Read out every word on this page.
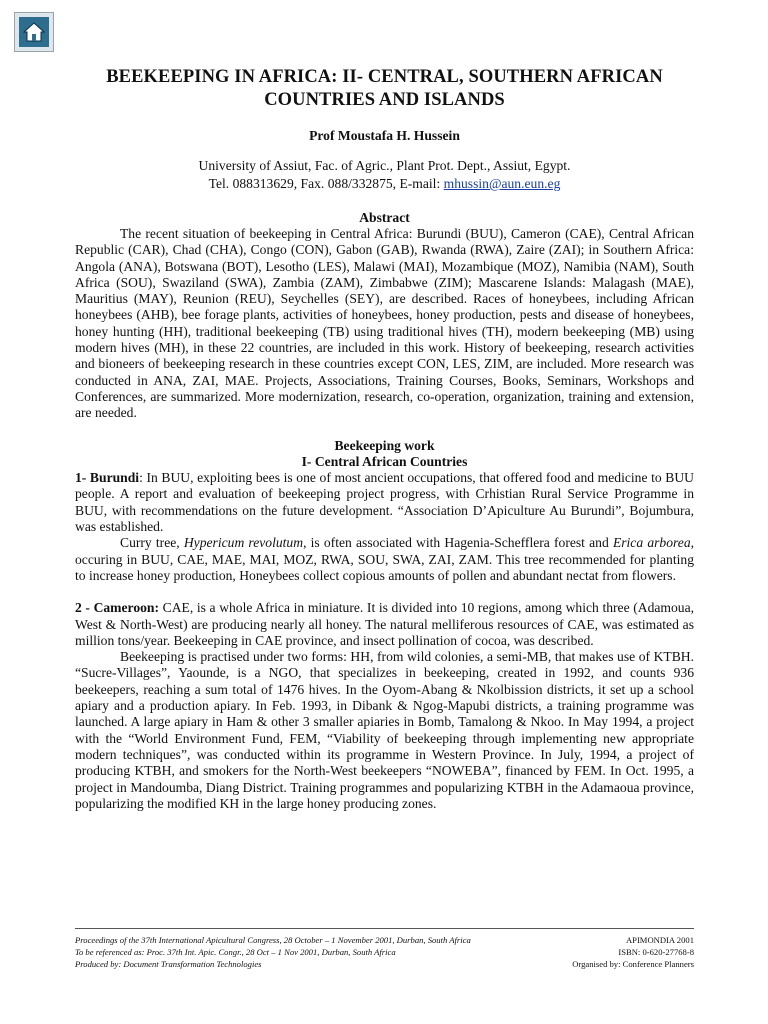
BEEKEEPING IN AFRICA: II- CENTRAL, SOUTHERN AFRICAN COUNTRIES AND ISLANDS
Prof Moustafa H. Hussein
University of Assiut, Fac. of Agric., Plant Prot. Dept., Assiut, Egypt.
Tel. 088313629, Fax. 088/332875, E-mail: mhussin@aun.eun.eg
Abstract

The recent situation of beekeeping in Central Africa: Burundi (BUU), Cameron (CAE), Central African Republic (CAR), Chad (CHA), Congo (CON), Gabon (GAB), Rwanda (RWA), Zaire (ZAI); in Southern Africa: Angola (ANA), Botswana (BOT), Lesotho (LES), Malawi (MAI), Mozambique (MOZ), Namibia (NAM), South Africa (SOU), Swaziland (SWA), Zambia (ZAM), Zimbabwe (ZIM); Mascarene Islands: Malagash (MAE), Mauritius (MAY), Reunion (REU), Seychelles (SEY), are described. Races of honeybees, including African honeybees (AHB), bee forage plants, activities of honeybees, honey production, pests and disease of honeybees, honey hunting (HH), traditional beekeeping (TB) using traditional hives (TH), modern beekeeping (MB) using modern hives (MH), in these 22 countries, are included in this work. History of beekeeping, research activities and bioneers of beekeeping research in these countries except CON, LES, ZIM, are included. More research was conducted in ANA, ZAI, MAE. Projects, Associations, Training Courses, Books, Seminars, Workshops and Conferences, are summarized. More modernization, research, co-operation, organization, training and extension, are needed.

Beekeeping work
I- Central African Countries

1- Burundi: In BUU, exploiting bees is one of most ancient occupations, that offered food and medicine to BUU people. A report and evaluation of beekeeping project progress, with Crhistian Rural Service Programme in BUU, with recommendations on the future development. “Association D’Apiculture Au Burundi”, Bojumbura, was established.

Curry tree, Hypericum revolutum, is often associated with Hagenia-Schefflera forest and Erica arborea, occuring in BUU, CAE, MAE, MAI, MOZ, RWA, SOU, SWA, ZAI, ZAM. This tree recommended for planting to increase honey production, Honeybees collect copious amounts of pollen and abundant nectat from flowers.

2 - Cameroon: CAE, is a whole Africa in miniature. It is divided into 10 regions, among which three (Adamoua, West & North-West) are producing nearly all honey. The natural melliferous resources of CAE, was estimated as million tons/year. Beekeeping in CAE province, and insect pollination of cocoa, was described.

Beekeeping is practised under two forms: HH, from wild colonies, a semi-MB, that makes use of KTBH. “Sucre-Villages”, Yaounde, is a NGO, that specializes in beekeeping, created in 1992, and counts 936 beekeepers, reaching a sum total of 1476 hives. In the Oyom-Abang & Nkolbission districts, it set up a school apiary and a production apiary. In Feb. 1993, in Dibank & Ngog-Mapubi districts, a training programme was launched. A large apiary in Ham & other 3 smaller apiaries in Bomb, Tamalong & Nkoo. In May 1994, a project with the “World Environment Fund, FEM, “Viability of beekeeping through implementing new appropriate modern techniques”, was conducted within its programme in Western Province. In July, 1994, a project of producing KTBH, and smokers for the North-West beekeepers “NOWEBA”, financed by FEM. In Oct. 1995, a project in Mandoumba, Diang District. Training programmes and popularizing KTBH in the Adamaoua province, popularizing the modified KH in the large honey producing zones.

Proceedings of the 37th International Apicultural Congress, 28 October – 1 November 2001, Durban, South Africa	APIMONDIA 2001
To be referenced as: Proc. 37th Int. Apic. Congr., 28 Oct – 1 Nov 2001, Durban, South Africa	ISBN: 0-620-27768-8
Produced by: Document Transformation Technologies	Organised by: Conference Planners
